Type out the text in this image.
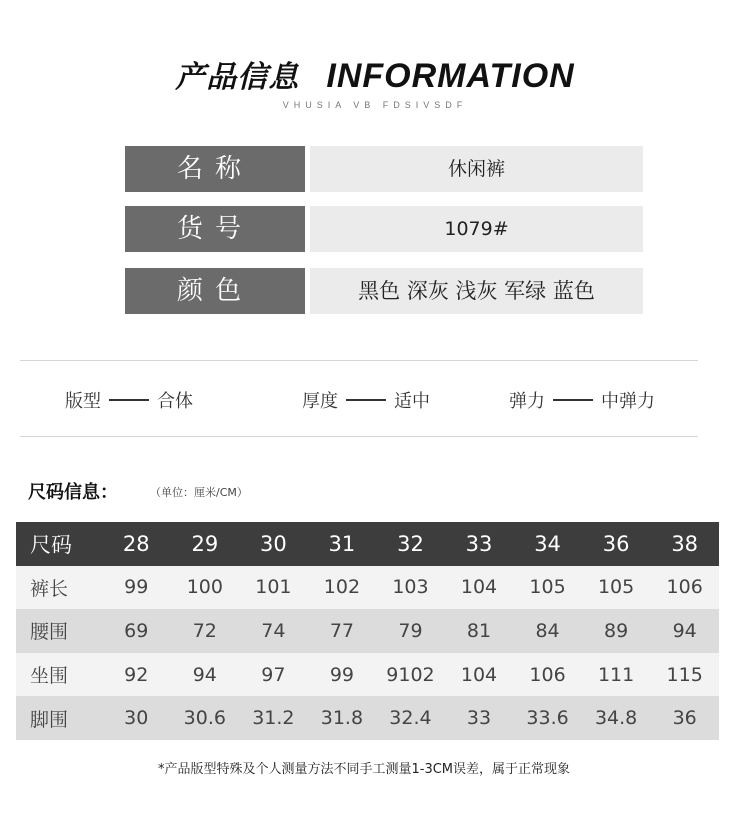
产品信息 INFORMATION
VHUSIA VB FDSIVSDF
名称	休闲裤
货号	1079#
颜色	黑色 深灰 浅灰 军绿 蓝色
版型	合体	厚度	适中	弹力	中弹力
尺码信息：	（单位：厘米/CM）
尺码	28	29	30	31	32	33	34	36	38
裤长	99	100	101	102	103	104	105	105	106
腰围	69	72	74	77	79	81	84	89	94
坐围	92	94	97	99	9102	104	106	111	115
脚围	30	30.6	31.2	31.8	32.4	33	33.6	34.8	36
*产品版型特殊及个人测量方法不同手工测量1-3CM误差，属于正常现象
